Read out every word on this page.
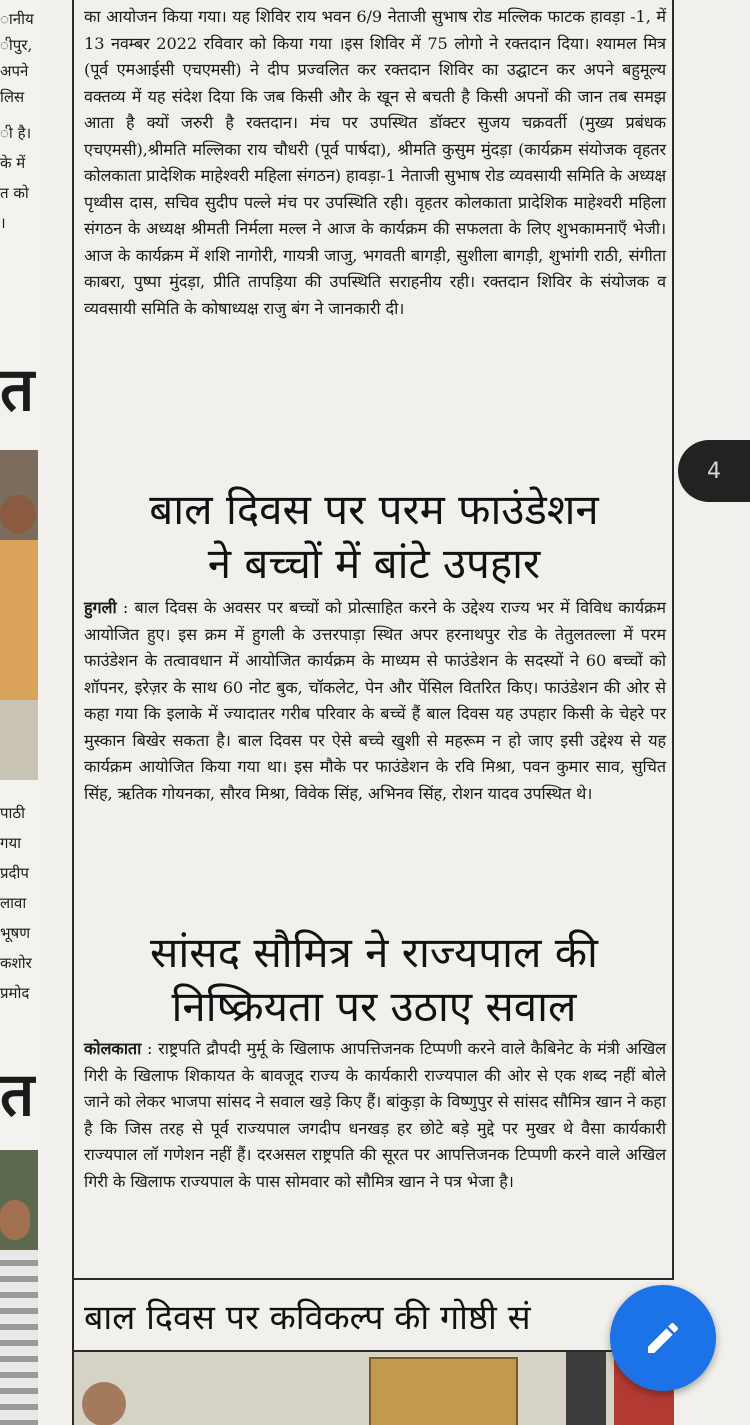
ानीय
ीपुर,
अपने
लिस
ी है।
के में
त को
।
त
पाठी
गया
प्रदीप
लावा
भूषण
कशोर
प्रमोद
त

का आयोजन किया गया। यह शिविर राय भवन 6/9 नेताजी सुभाष रोड मल्लिक फाटक हावड़ा -1, में 13 नवम्बर 2022 रविवार को किया गया ।इस शिविर में 75 लोगो ने रक्तदान दिया। श्यामल मित्र (पूर्व एमआईसी एचएमसी) ने दीप प्रज्वलित कर रक्तदान शिविर का उद्घाटन कर अपने बहुमूल्य वक्तव्य में यह संदेश दिया कि जब किसी और के खून से बचती है किसी अपनों की जान तब समझ आता है क्यों जरुरी है रक्तदान। मंच पर उपस्थित डॉक्टर सुजय चक्रवर्ती (मुख्य प्रबंधक एचएमसी),श्रीमति मल्लिका राय चौधरी (पूर्व पार्षदा), श्रीमति कुसुम मुंदड़ा (कार्यक्रम संयोजक वृहतर कोलकाता प्रादेशिक माहेश्वरी महिला संगठन) हावड़ा-1 नेताजी सुभाष रोड व्यवसायी समिति के अध्यक्ष पृथ्वीस दास, सचिव सुदीप पल्ले मंच पर उपस्थिति रही। वृहतर कोलकाता प्रादेशिक माहेश्वरी महिला संगठन के अध्यक्ष श्रीमती निर्मला मल्ल ने आज के कार्यक्रम की सफलता के लिए शुभकामनाएँ भेजी। आज के कार्यक्रम में शशि नागोरी, गायत्री जाजु, भगवती बागड़ी, सुशीला बागड़ी, शुभांगी राठी, संगीता काबरा, पुष्पा मुंदड़ा, प्रीति तापड़िया की उपस्थिति सराहनीय रही। रक्तदान शिविर के संयोजक व व्यवसायी समिति के कोषाध्यक्ष राजु बंग ने जानकारी दी।

बाल दिवस पर परम फाउंडेशन
ने बच्चों में बांटे उपहार

हुगली : बाल दिवस के अवसर पर बच्चों को प्रोत्साहित करने के उद्देश्य राज्य भर में विविध कार्यक्रम आयोजित हुए। इस क्रम में हुगली के उत्तरपाड़ा स्थित अपर हरनाथपुर रोड के तेतुलतल्ला में परम फाउंडेशन के तत्वावधान में आयोजित कार्यक्रम के माध्यम से फाउंडेशन के सदस्यों ने 60 बच्चों को शॉपनर, इरेज़र के साथ 60 नोट बुक, चॉकलेट, पेन और पेंसिल वितरित किए। फाउंडेशन की ओर से कहा गया कि इलाके में ज्यादातर गरीब परिवार के बच्चें हैं बाल दिवस यह उपहार किसी के चेहरे पर मुस्कान बिखेर सकता है। बाल दिवस पर ऐसे बच्चे खुशी से महरूम न हो जाए इसी उद्देश्य से यह कार्यक्रम आयोजित किया गया था। इस मौके पर फाउंडेशन के रवि मिश्रा, पवन कुमार साव, सुचित सिंह, ऋतिक गोयनका, सौरव मिश्रा, विवेक सिंह, अभिनव सिंह, रोशन यादव उपस्थित थे।

सांसद सौमित्र ने राज्यपाल की
निष्क्रियता पर उठाए सवाल

कोलकाता : राष्ट्रपति द्रौपदी मुर्मू के खिलाफ आपत्तिजनक टिप्पणी करने वाले कैबिनेट के मंत्री अखिल गिरी के खिलाफ शिकायत के बावजूद राज्य के कार्यकारी राज्यपाल की ओर से एक शब्द नहीं बोले जाने को लेकर भाजपा सांसद ने सवाल खड़े किए हैं। बांकुड़ा के विष्णुपुर से सांसद सौमित्र खान ने कहा है कि जिस तरह से पूर्व राज्यपाल जगदीप धनखड़ हर छोटे बड़े मुद्दे पर मुखर थे वैसा कार्यकारी राज्यपाल लॉ गणेशन नहीं हैं। दरअसल राष्ट्रपति की सूरत पर आपत्तिजनक टिप्पणी करने वाले अखिल गिरी के खिलाफ राज्यपाल के पास सोमवार को सौमित्र खान ने पत्र भेजा है।

बाल दिवस पर कविकल्प की गोष्ठी सं
4
